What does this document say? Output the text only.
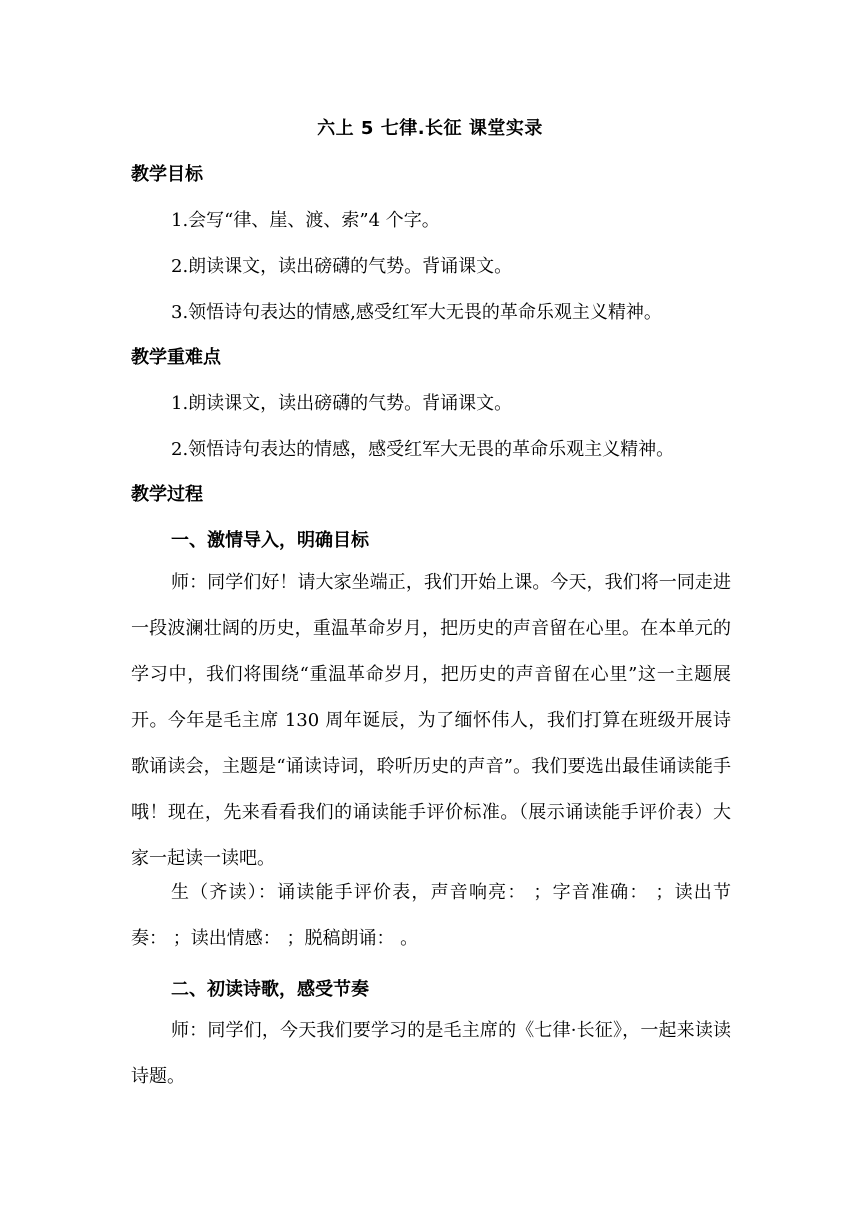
六上 5 七律.长征 课堂实录
教学目标
1.会写“律、崖、渡、索”4 个字。
2.朗读课文，读出磅礴的气势。背诵课文。
3.领悟诗句表达的情感,感受红军大无畏的革命乐观主义精神。
教学重难点
1.朗读课文，读出磅礴的气势。背诵课文。
2.领悟诗句表达的情感，感受红军大无畏的革命乐观主义精神。
教学过程
一、激情导入，明确目标
师：同学们好！请大家坐端正，我们开始上课。今天，我们将一同走进一段波澜壮阔的历史，重温革命岁月，把历史的声音留在心里。在本单元的学习中，我们将围绕“重温革命岁月，把历史的声音留在心里”这一主题展开。今年是毛主席 130 周年诞辰，为了缅怀伟人，我们打算在班级开展诗歌诵读会，主题是“诵读诗词，聆听历史的声音”。我们要选出最佳诵读能手哦！现在，先来看看我们的诵读能手评价标准。（展示诵读能手评价表）大家一起读一读吧。
生（齐读）：诵读能手评价表，声音响亮： ；字音准确： ；读出节奏： ；读出情感： ；脱稿朗诵： 。
二、初读诗歌，感受节奏
师：同学们，今天我们要学习的是毛主席的《七律·长征》，一起来读读诗题。
